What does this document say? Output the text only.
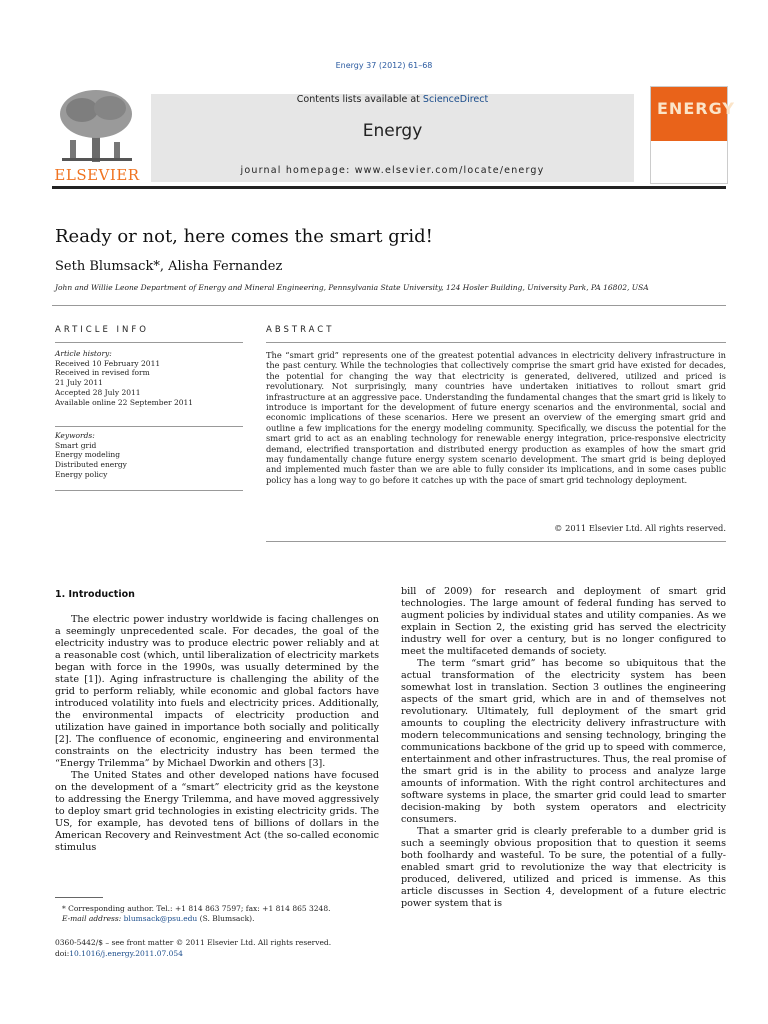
Energy 37 (2012) 61–68
ELSEVIER
Contents lists available at ScienceDirect
Energy
journal homepage: www.elsevier.com/locate/energy
ENERGY
Ready or not, here comes the smart grid!
Seth Blumsack*, Alisha Fernandez
John and Willie Leone Department of Energy and Mineral Engineering, Pennsylvania State University, 124 Hosler Building, University Park, PA 16802, USA
ARTICLE INFO
Article history:
Received 10 February 2011
Received in revised form
21 July 2011
Accepted 28 July 2011
Available online 22 September 2011
Keywords:
Smart grid
Energy modeling
Distributed energy
Energy policy
ABSTRACT
The “smart grid” represents one of the greatest potential advances in electricity delivery infrastructure in the past century. While the technologies that collectively comprise the smart grid have existed for decades, the potential for changing the way that electricity is generated, delivered, utilized and priced is revolutionary. Not surprisingly, many countries have undertaken initiatives to rollout smart grid infrastructure at an aggressive pace. Understanding the fundamental changes that the smart grid is likely to introduce is important for the development of future energy scenarios and the environmental, social and economic implications of these scenarios. Here we present an overview of the emerging smart grid and outline a few implications for the energy modeling community. Specifically, we discuss the potential for the smart grid to act as an enabling technology for renewable energy integration, price-responsive electricity demand, electrified transportation and distributed energy production as examples of how the smart grid may fundamentally change future energy system scenario development. The smart grid is being deployed and implemented much faster than we are able to fully consider its implications, and in some cases public policy has a long way to go before it catches up with the pace of smart grid technology deployment.
© 2011 Elsevier Ltd. All rights reserved.
1. Introduction

The electric power industry worldwide is facing challenges on a seemingly unprecedented scale. For decades, the goal of the electricity industry was to produce electric power reliably and at a reasonable cost (which, until liberalization of electricity markets began with force in the 1990s, was usually determined by the state [1]). Aging infrastructure is challenging the ability of the grid to perform reliably, while economic and global factors have introduced volatility into fuels and electricity prices. Additionally, the environmental impacts of electricity production and utilization have gained in importance both socially and politically [2]. The confluence of economic, engineering and environmental constraints on the electricity industry has been termed the “Energy Trilemma” by Michael Dworkin and others [3].

The United States and other developed nations have focused on the development of a “smart” electricity grid as the keystone to addressing the Energy Trilemma, and have moved aggressively to deploy smart grid technologies in existing electricity grids. The US, for example, has devoted tens of billions of dollars in the American Recovery and Reinvestment Act (the so-called economic stimulus

bill of 2009) for research and deployment of smart grid technologies. The large amount of federal funding has served to augment policies by individual states and utility companies. As we explain in Section 2, the existing grid has served the electricity industry well for over a century, but is no longer configured to meet the multifaceted demands of society.

The term “smart grid” has become so ubiquitous that the actual transformation of the electricity system has been somewhat lost in translation. Section 3 outlines the engineering aspects of the smart grid, which are in and of themselves not revolutionary. Ultimately, full deployment of the smart grid amounts to coupling the electricity delivery infrastructure with modern telecommunications and sensing technology, bringing the communications backbone of the grid up to speed with commerce, entertainment and other infrastructures. Thus, the real promise of the smart grid is in the ability to process and analyze large amounts of information. With the right control architectures and software systems in place, the smarter grid could lead to smarter decision-making by both system operators and electricity consumers.

That a smarter grid is clearly preferable to a dumber grid is such a seemingly obvious proposition that to question it seems both foolhardy and wasteful. To be sure, the potential of a fully-enabled smart grid to revolutionize the way that electricity is produced, delivered, utilized and priced is immense. As this article discusses in Section 4, development of a future electric power system that is

* Corresponding author. Tel.: +1 814 863 7597; fax: +1 814 865 3248.
E-mail address: blumsack@psu.edu (S. Blumsack).
0360-5442/$ – see front matter © 2011 Elsevier Ltd. All rights reserved.
doi:10.1016/j.energy.2011.07.054
